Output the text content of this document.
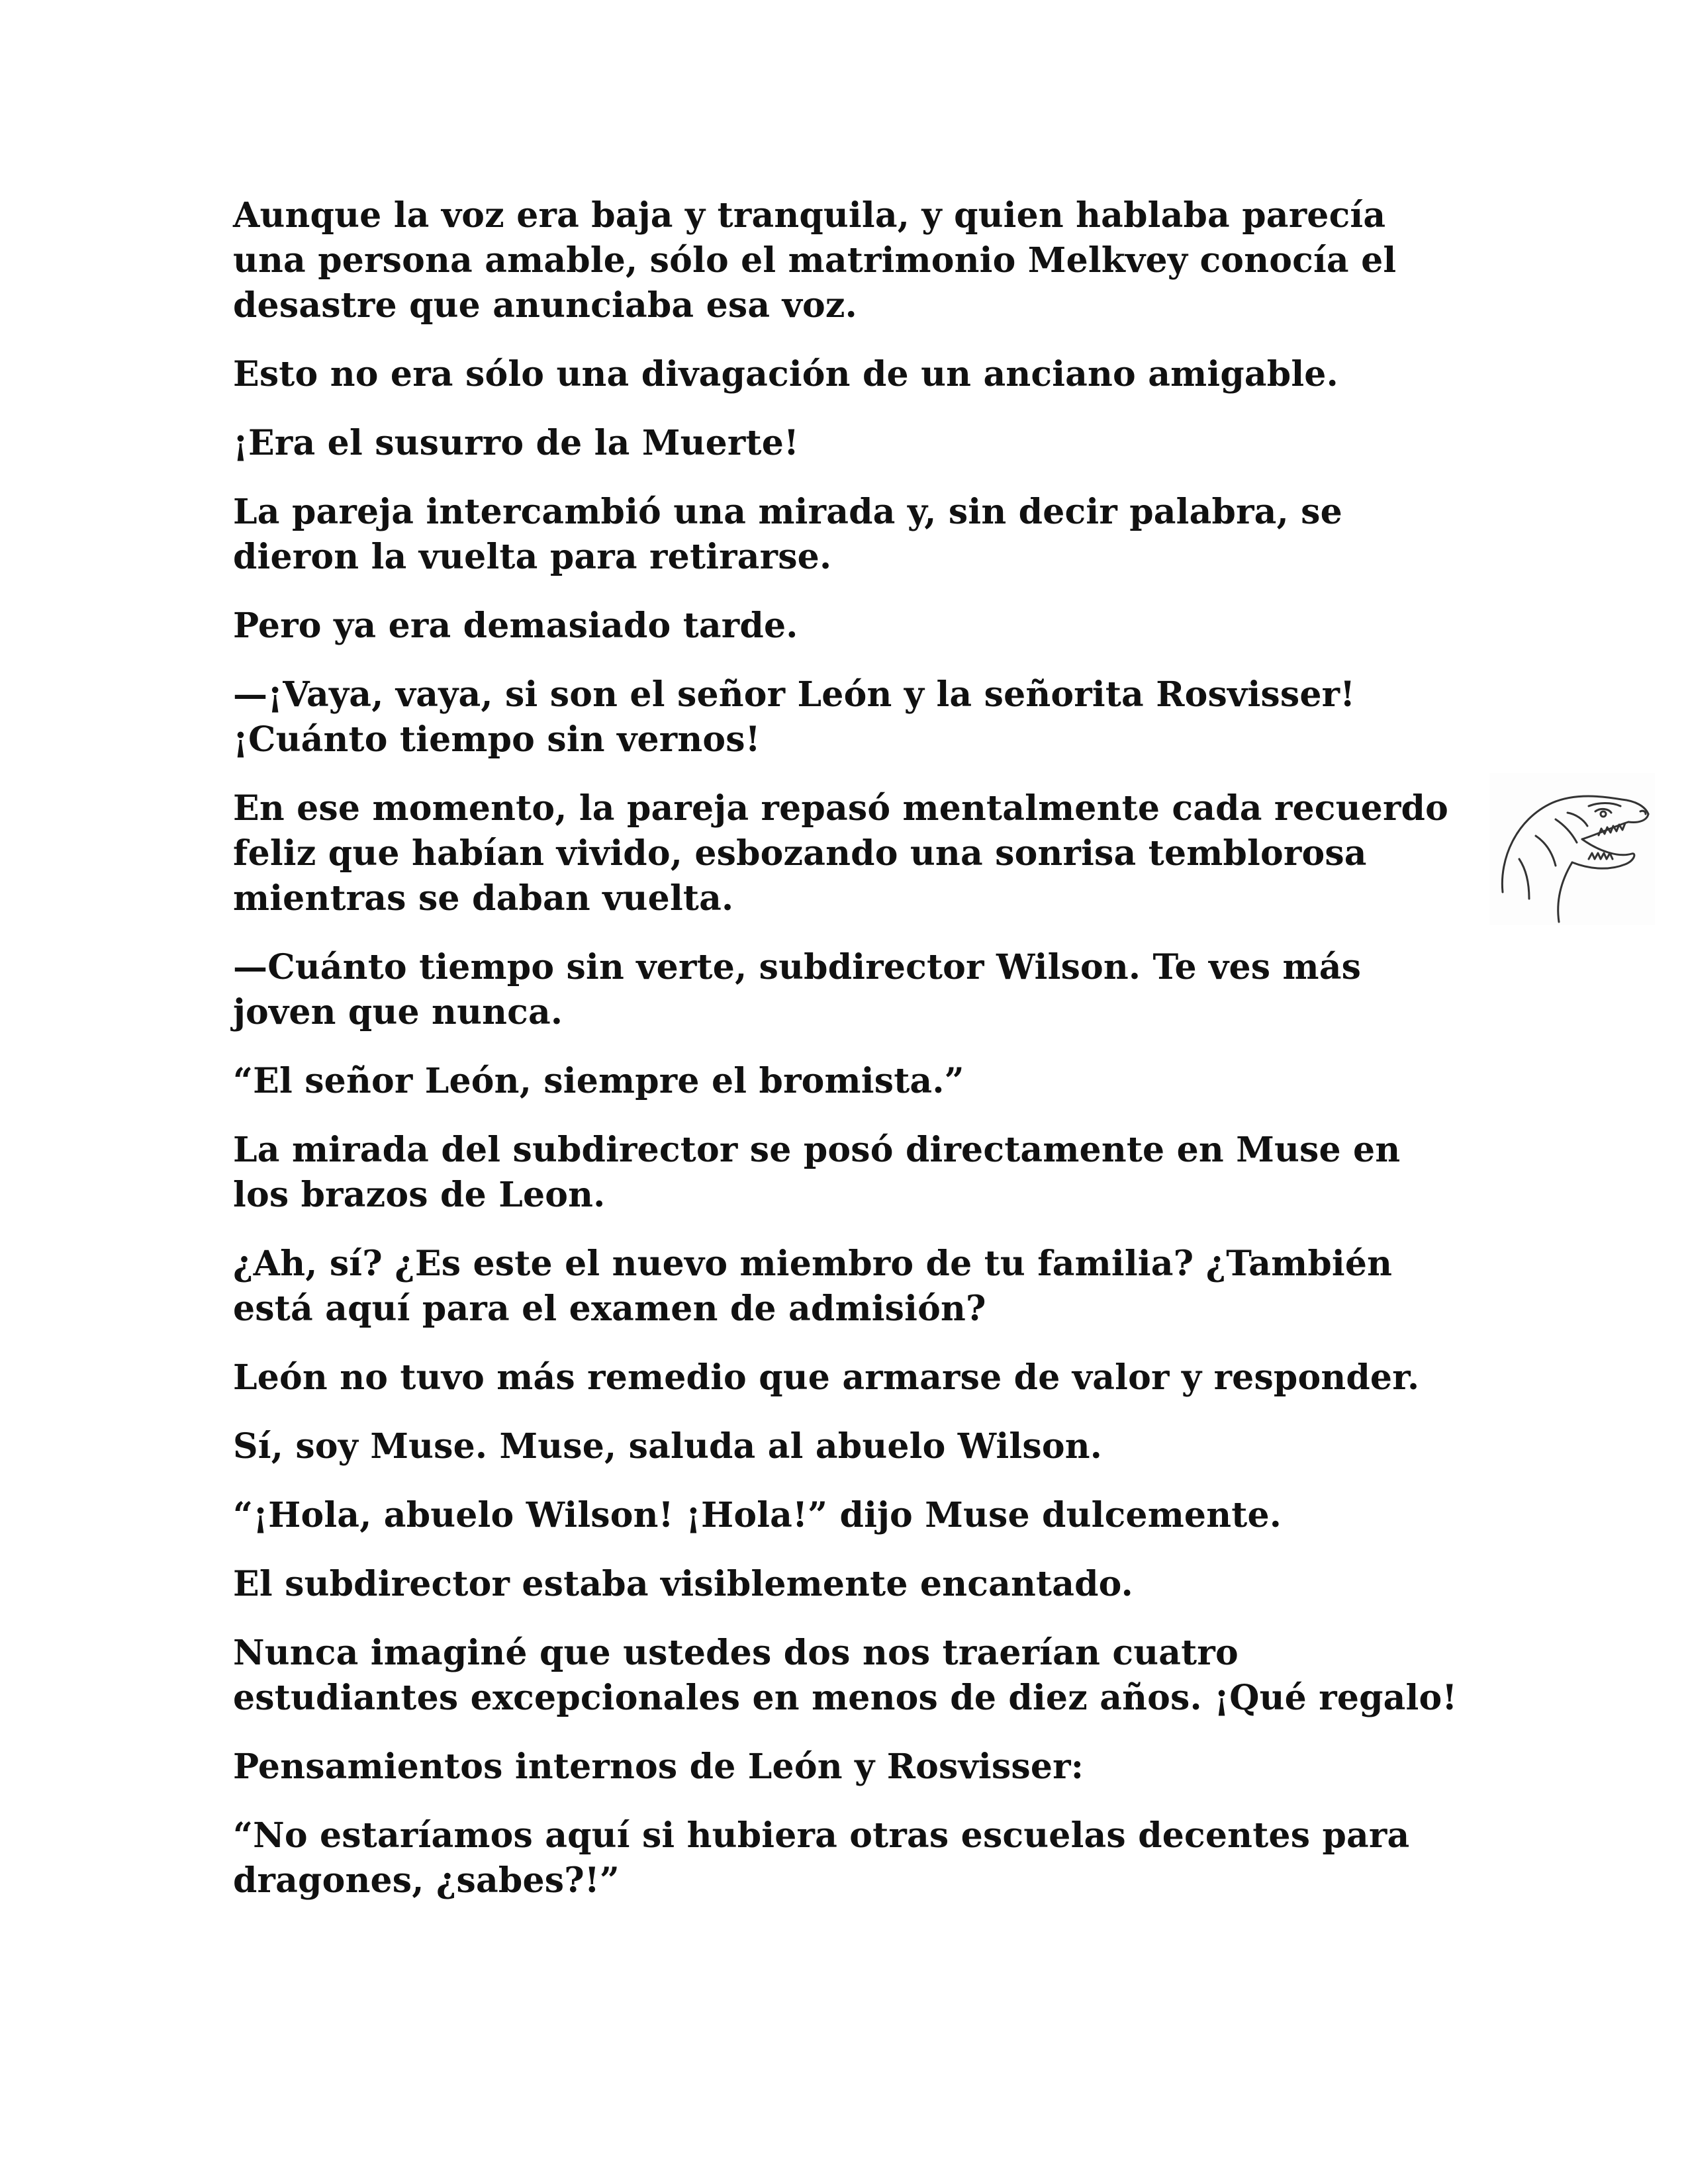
Aunque la voz era baja y tranquila, y quien hablaba parecía una persona amable, sólo el matrimonio Melkvey conocía el desastre que anunciaba esa voz.

Esto no era sólo una divagación de un anciano amigable.

¡Era el susurro de la Muerte!

La pareja intercambió una mirada y, sin decir palabra, se dieron la vuelta para retirarse.

Pero ya era demasiado tarde.

—¡Vaya, vaya, si son el señor León y la señorita Rosvisser! ¡Cuánto tiempo sin vernos!

En ese momento, la pareja repasó mentalmente cada recuerdo feliz que habían vivido, esbozando una sonrisa temblorosa mientras se daban vuelta.

—Cuánto tiempo sin verte, subdirector Wilson. Te ves más joven que nunca.

“El señor León, siempre el bromista.”

La mirada del subdirector se posó directamente en Muse en los brazos de Leon.

¿Ah, sí? ¿Es este el nuevo miembro de tu familia? ¿También está aquí para el examen de admisión?

León no tuvo más remedio que armarse de valor y responder.

Sí, soy Muse. Muse, saluda al abuelo Wilson.

“¡Hola, abuelo Wilson! ¡Hola!” dijo Muse dulcemente.

El subdirector estaba visiblemente encantado.

Nunca imaginé que ustedes dos nos traerían cuatro estudiantes excepcionales en menos de diez años. ¡Qué regalo!

Pensamientos internos de León y Rosvisser:

“No estaríamos aquí si hubiera otras escuelas decentes para dragones, ¿sabes?!”
